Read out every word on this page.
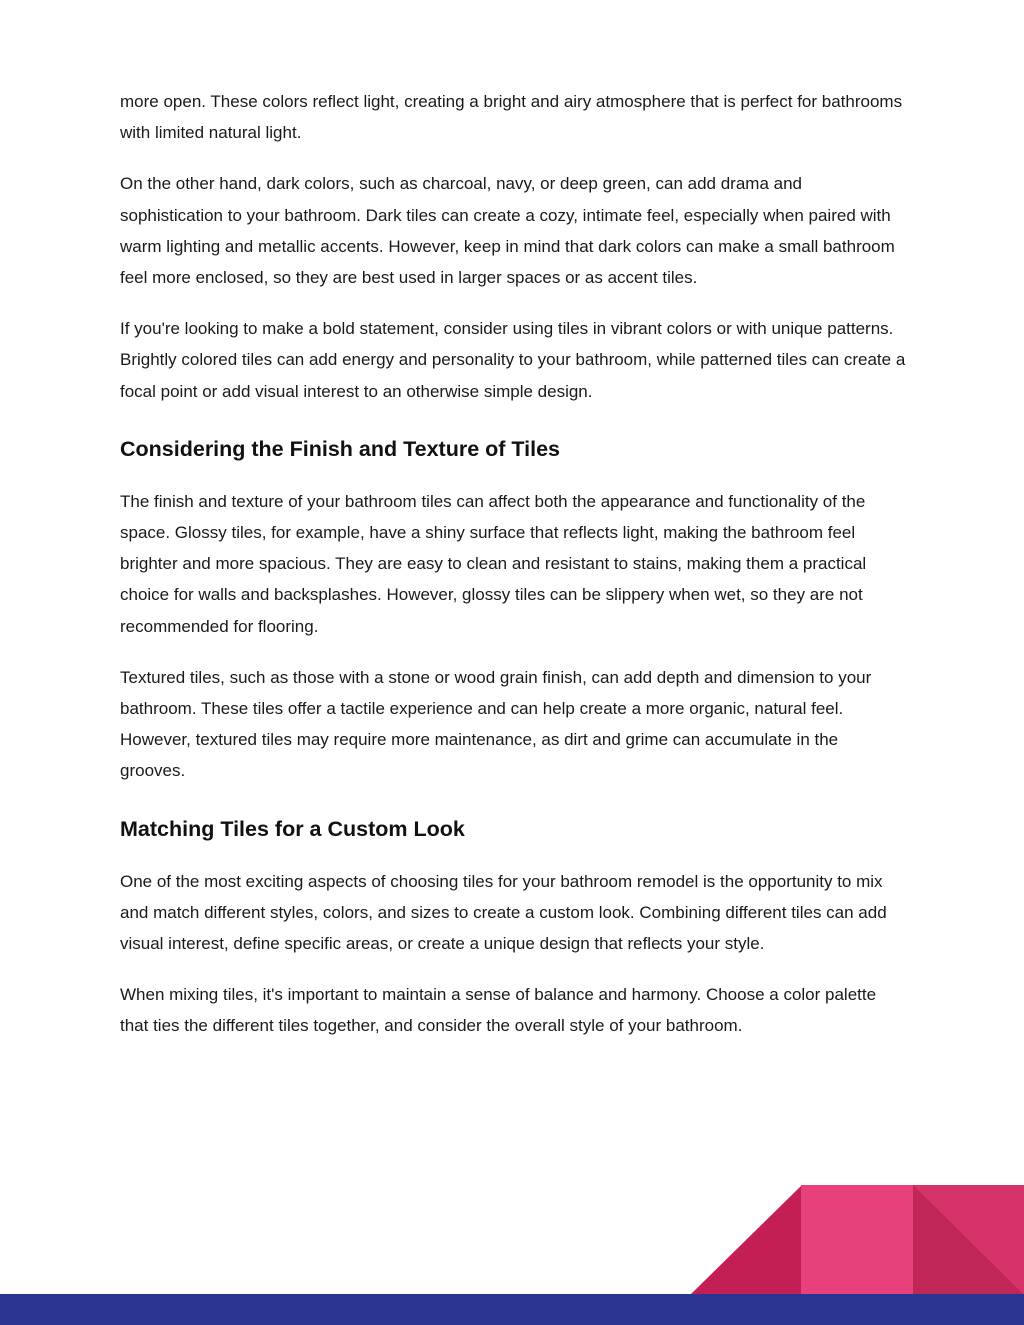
more open. These colors reflect light, creating a bright and airy atmosphere that is perfect for bathrooms with limited natural light.

On the other hand, dark colors, such as charcoal, navy, or deep green, can add drama and sophistication to your bathroom. Dark tiles can create a cozy, intimate feel, especially when paired with warm lighting and metallic accents. However, keep in mind that dark colors can make a small bathroom feel more enclosed, so they are best used in larger spaces or as accent tiles.

If you're looking to make a bold statement, consider using tiles in vibrant colors or with unique patterns. Brightly colored tiles can add energy and personality to your bathroom, while patterned tiles can create a focal point or add visual interest to an otherwise simple design.

Considering the Finish and Texture of Tiles

The finish and texture of your bathroom tiles can affect both the appearance and functionality of the space. Glossy tiles, for example, have a shiny surface that reflects light, making the bathroom feel brighter and more spacious. They are easy to clean and resistant to stains, making them a practical choice for walls and backsplashes. However, glossy tiles can be slippery when wet, so they are not recommended for flooring.

Textured tiles, such as those with a stone or wood grain finish, can add depth and dimension to your bathroom. These tiles offer a tactile experience and can help create a more organic, natural feel. However, textured tiles may require more maintenance, as dirt and grime can accumulate in the grooves.

Matching Tiles for a Custom Look

One of the most exciting aspects of choosing tiles for your bathroom remodel is the opportunity to mix and match different styles, colors, and sizes to create a custom look. Combining different tiles can add visual interest, define specific areas, or create a unique design that reflects your style.

When mixing tiles, it's important to maintain a sense of balance and harmony. Choose a color palette that ties the different tiles together, and consider the overall style of your bathroom.
